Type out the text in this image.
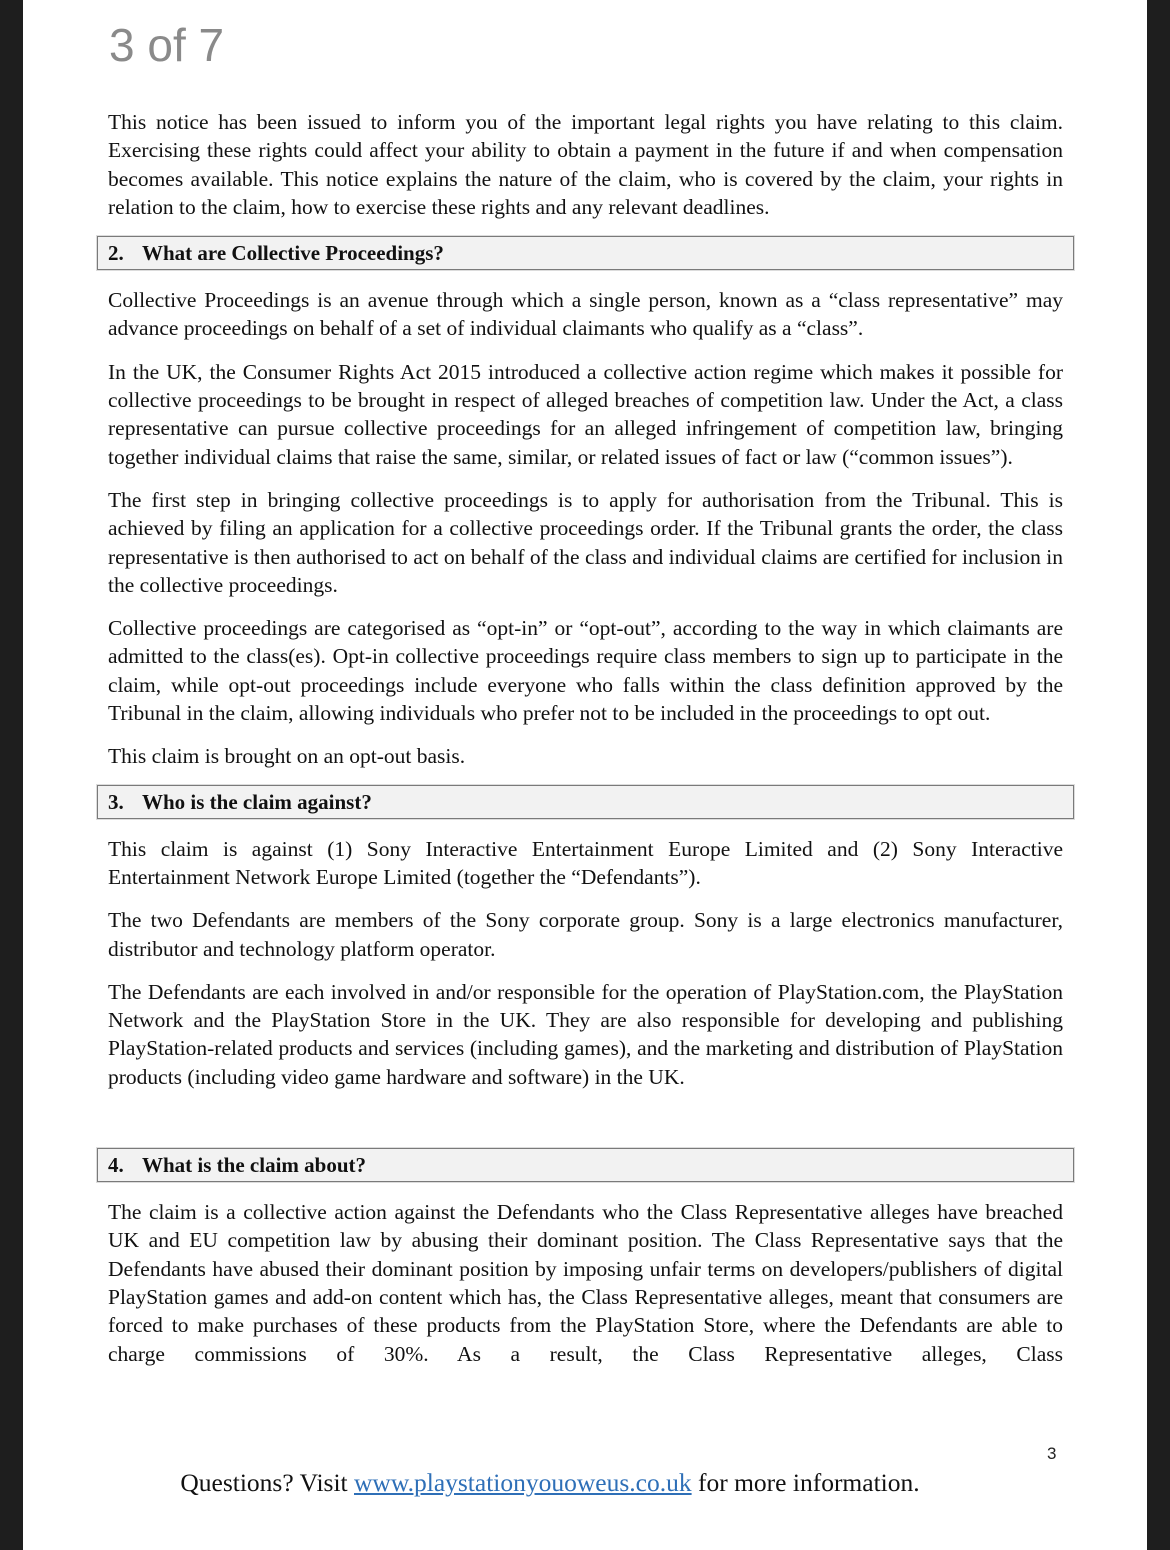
3 of 7

This notice has been issued to inform you of the important legal rights you have relating to this claim. Exercising these rights could affect your ability to obtain a payment in the future if and when compensation becomes available. This notice explains the nature of the claim, who is covered by the claim, your rights in relation to the claim, how to exercise these rights and any relevant deadlines.

2. What are Collective Proceedings?

Collective Proceedings is an avenue through which a single person, known as a “class representative” may advance proceedings on behalf of a set of individual claimants who qualify as a “class”.

In the UK, the Consumer Rights Act 2015 introduced a collective action regime which makes it possible for collective proceedings to be brought in respect of alleged breaches of competition law. Under the Act, a class representative can pursue collective proceedings for an alleged infringement of competition law, bringing together individual claims that raise the same, similar, or related issues of fact or law (“common issues”).

The first step in bringing collective proceedings is to apply for authorisation from the Tribunal. This is achieved by filing an application for a collective proceedings order. If the Tribunal grants the order, the class representative is then authorised to act on behalf of the class and individual claims are certified for inclusion in the collective proceedings.

Collective proceedings are categorised as “opt-in” or “opt-out”, according to the way in which claimants are admitted to the class(es). Opt-in collective proceedings require class members to sign up to participate in the claim, while opt-out proceedings include everyone who falls within the class definition approved by the Tribunal in the claim, allowing individuals who prefer not to be included in the proceedings to opt out.

This claim is brought on an opt-out basis.

3. Who is the claim against?

This claim is against (1) Sony Interactive Entertainment Europe Limited and (2) Sony Interactive Entertainment Network Europe Limited (together the “Defendants”).

The two Defendants are members of the Sony corporate group. Sony is a large electronics manufacturer, distributor and technology platform operator.

The Defendants are each involved in and/or responsible for the operation of PlayStation.com, the PlayStation Network and the PlayStation Store in the UK. They are also responsible for developing and publishing PlayStation-related products and services (including games), and the marketing and distribution of PlayStation products (including video game hardware and software) in the UK.

4. What is the claim about?

The claim is a collective action against the Defendants who the Class Representative alleges have breached UK and EU competition law by abusing their dominant position. The Class Representative says that the Defendants have abused their dominant position by imposing unfair terms on developers/publishers of digital PlayStation games and add-on content which has, the Class Representative alleges, meant that consumers are forced to make purchases of these products from the PlayStation Store, where the Defendants are able to charge commissions of 30%. As a result, the Class Representative alleges, Class

3
Questions? Visit www.playstationyouoweus.co.uk for more information.
